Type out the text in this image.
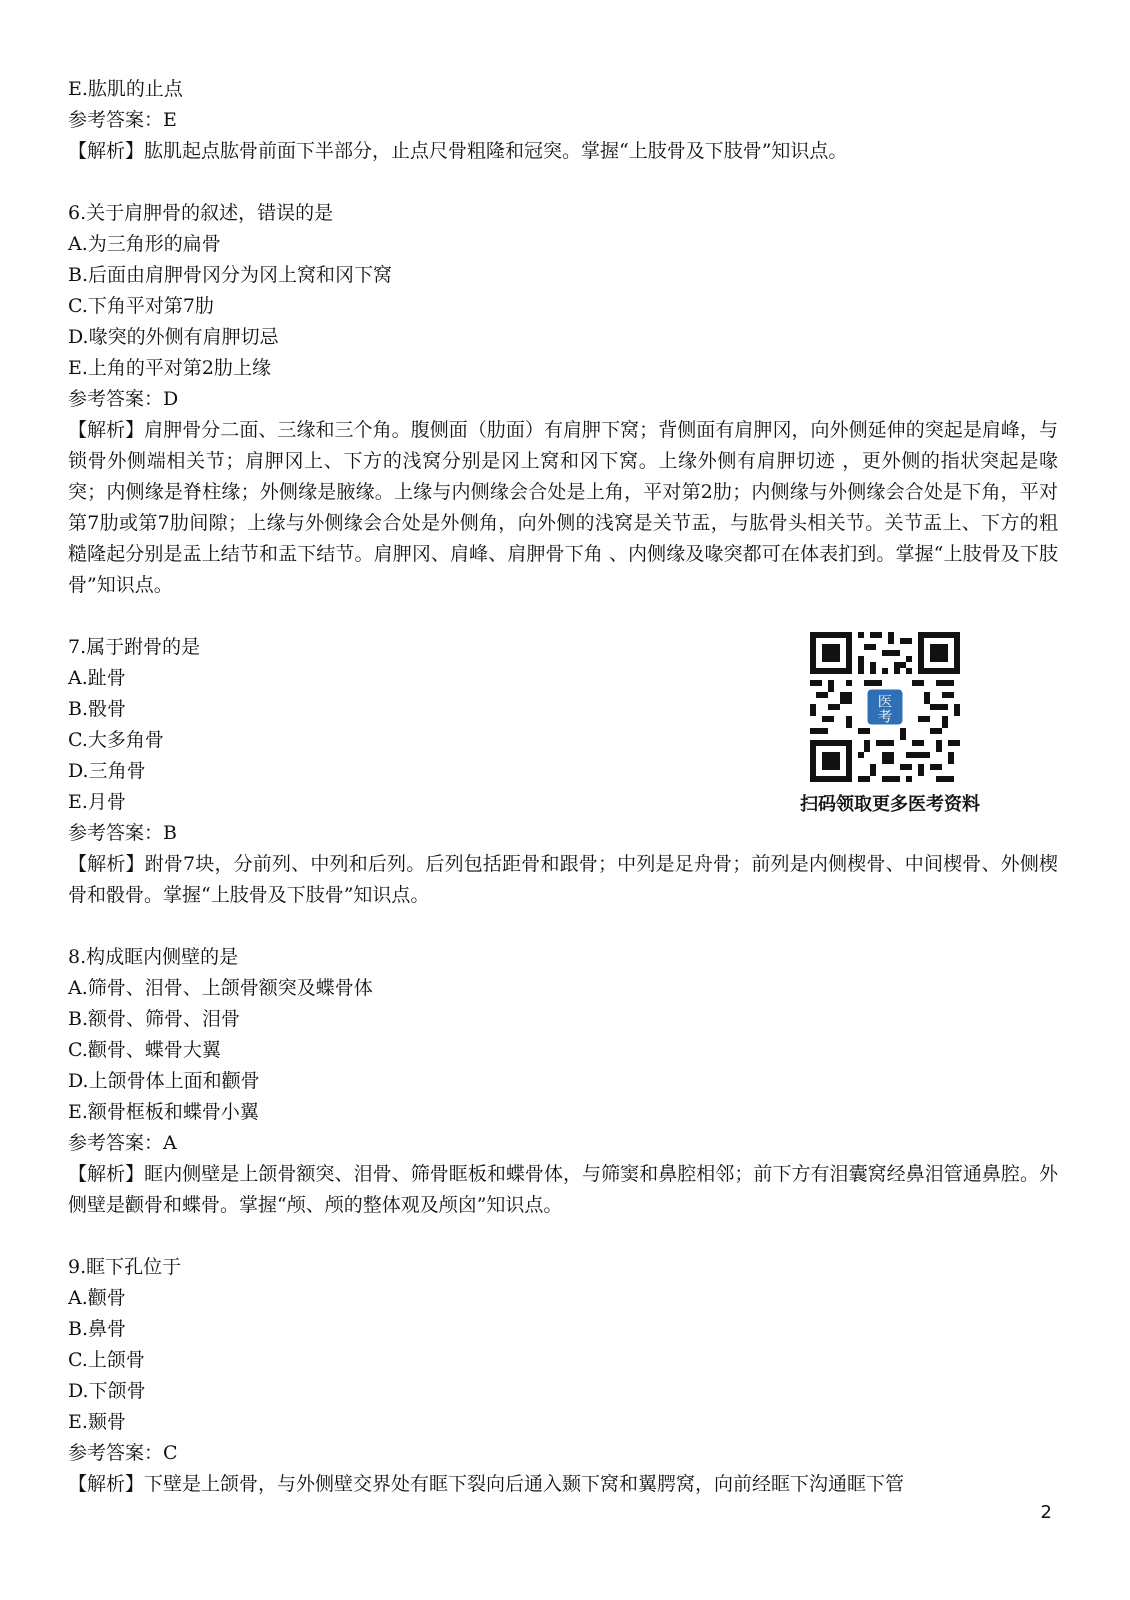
E.肱肌的止点
参考答案：E
【解析】肱肌起点肱骨前面下半部分，止点尺骨粗隆和冠突。掌握“上肢骨及下肢骨”知识点。
6.关于肩胛骨的叙述，错误的是
A.为三角形的扁骨
B.后面由肩胛骨冈分为冈上窝和冈下窝
C.下角平对第7肋
D.喙突的外侧有肩胛切忌
E.上角的平对第2肋上缘
参考答案：D
【解析】肩胛骨分二面、三缘和三个角。腹侧面（肋面）有肩胛下窝；背侧面有肩胛冈，向外侧延伸的突起是肩峰，与锁骨外侧端相关节；肩胛冈上、下方的浅窝分别是冈上窝和冈下窝。上缘外侧有肩胛切迹 ，更外侧的指状突起是喙突；内侧缘是脊柱缘；外侧缘是腋缘。上缘与内侧缘会合处是上角，平对第2肋；内侧缘与外侧缘会合处是下角，平对第7肋或第7肋间隙；上缘与外侧缘会合处是外侧角，向外侧的浅窝是关节盂，与肱骨头相关节。关节盂上、下方的粗糙隆起分别是盂上结节和盂下结节。肩胛冈、肩峰、肩胛骨下角 、内侧缘及喙突都可在体表扪到。掌握“上肢骨及下肢骨”知识点。
7.属于跗骨的是
A.趾骨
B.骰骨
C.大多角骨
D.三角骨
E.月骨
参考答案：B
【解析】跗骨7块，分前列、中列和后列。后列包括距骨和跟骨；中列是足舟骨；前列是内侧楔骨、中间楔骨、外侧楔骨和骰骨。掌握“上肢骨及下肢骨”知识点。
8.构成眶内侧壁的是
A.筛骨、泪骨、上颌骨额突及蝶骨体
B.额骨、筛骨、泪骨
C.颧骨、蝶骨大翼
D.上颌骨体上面和颧骨
E.额骨框板和蝶骨小翼
参考答案：A
【解析】眶内侧壁是上颌骨额突、泪骨、筛骨眶板和蝶骨体，与筛窦和鼻腔相邻；前下方有泪囊窝经鼻泪管通鼻腔。外侧壁是颧骨和蝶骨。掌握“颅、颅的整体观及颅囟”知识点。
9.眶下孔位于
A.颧骨
B.鼻骨
C.上颌骨
D.下颌骨
E.颞骨
参考答案：C
【解析】下壁是上颌骨，与外侧壁交界处有眶下裂向后通入颞下窝和翼腭窝，向前经眶下沟通眶下管
医
考
扫码领取更多医考资料
2
